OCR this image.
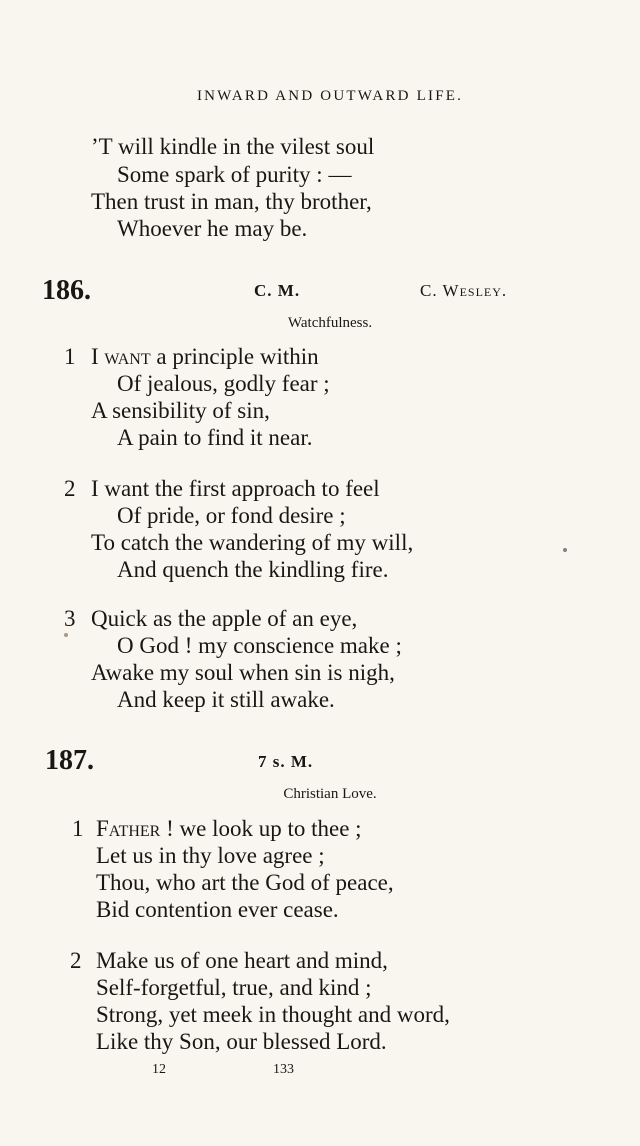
INWARD AND OUTWARD LIFE.
’T will kindle in the vilest soul
Some spark of purity : —
Then trust in man, thy brother,
Whoever he may be.
186.	C. M.	C. Wesley.
Watchfulness.
1 I want a principle within
Of jealous, godly fear ;
A sensibility of sin,
A pain to find it near.
2 I want the first approach to feel
Of pride, or fond desire ;
To catch the wandering of my will,
And quench the kindling fire.
3 Quick as the apple of an eye,
O God ! my conscience make ;
Awake my soul when sin is nigh,
And keep it still awake.
187.	7 s. M.
Christian Love.
1 Father ! we look up to thee ;
Let us in thy love agree ;
Thou, who art the God of peace,
Bid contention ever cease.
2 Make us of one heart and mind,
Self-forgetful, true, and kind ;
Strong, yet meek in thought and word,
Like thy Son, our blessed Lord.
12	133
